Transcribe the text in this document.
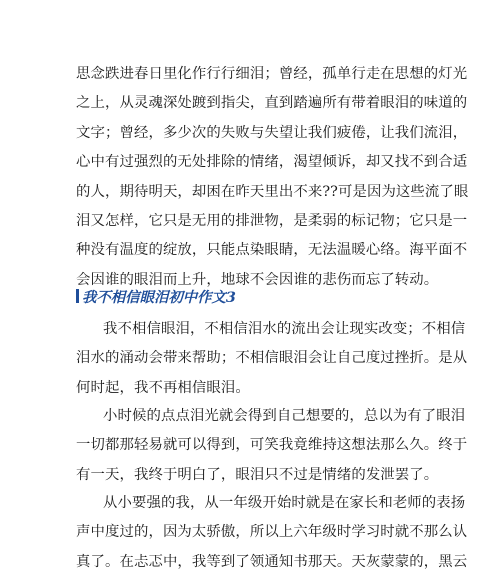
思念跌进春日里化作行行细泪；曾经，孤单行走在思想的灯光
之上，从灵魂深处踱到指尖，直到踏遍所有带着眼泪的味道的
文字；曾经，多少次的失败与失望让我们疲倦，让我们流泪，
心中有过强烈的无处排除的情绪，渴望倾诉，却又找不到合适
的人，期待明天，却困在昨天里出不来??可是因为这些流了眼
泪又怎样，它只是无用的排泄物，是柔弱的标记物；它只是一
种没有温度的绽放，只能点染眼睛，无法温暖心络。海平面不
会因谁的眼泪而上升，地球不会因谁的悲伤而忘了转动。
我不相信眼泪初中作文3
我不相信眼泪，不相信泪水的流出会让现实改变；不相信
泪水的涌动会带来帮助；不相信眼泪会让自己度过挫折。是从
何时起，我不再相信眼泪。
小时候的点点泪光就会得到自己想要的，总以为有了眼泪
一切都那轻易就可以得到，可笑我竟维持这想法那么久。终于
有一天，我终于明白了，眼泪只不过是情绪的发泄罢了。
从小要强的我，从一年级开始时就是在家长和老师的表扬
声中度过的，因为太骄傲，所以上六年级时学习时就不那么认
真了。在忐忑中，我等到了领通知书那天。天灰蒙蒙的，黑云
